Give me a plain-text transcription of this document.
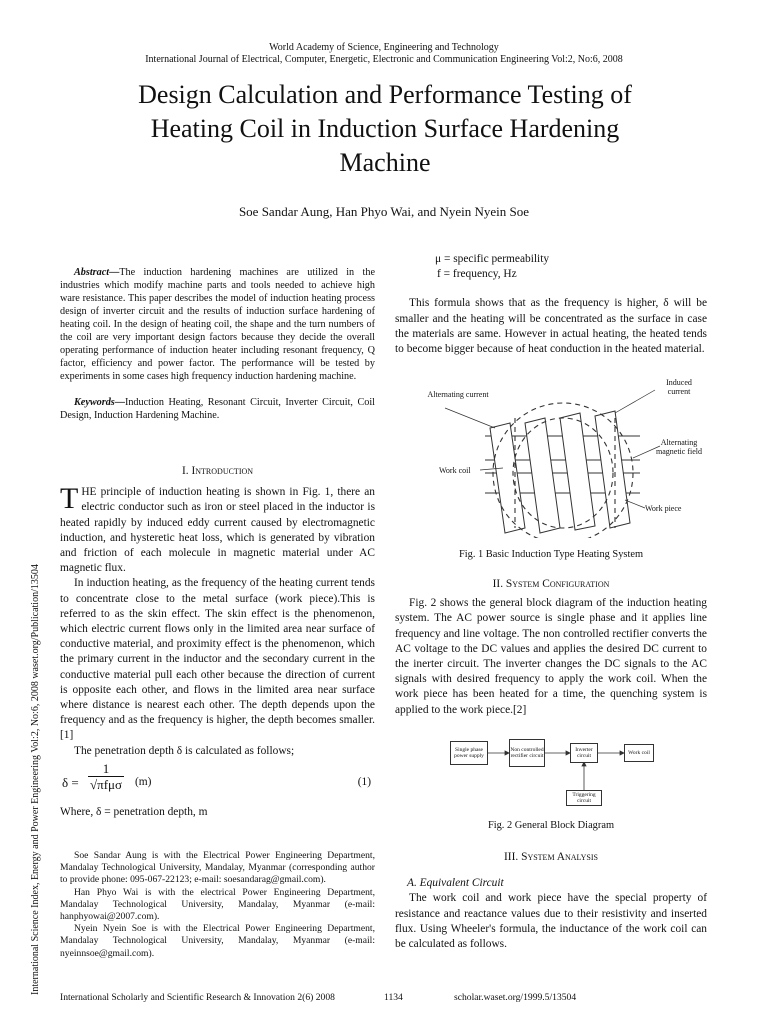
World Academy of Science, Engineering and Technology
International Journal of Electrical, Computer, Energetic, Electronic and Communication Engineering Vol:2, No:6, 2008
Design Calculation and Performance Testing of
Heating Coil in Induction Surface Hardening
Machine
Soe Sandar Aung, Han Phyo Wai, and Nyein Nyein Soe
International Science Index, Energy and Power Engineering Vol:2, No:6, 2008 waset.org/Publication/13504

Abstract—The induction hardening machines are utilized in the industries which modify machine parts and tools needed to achieve high ware resistance. This paper describes the model of induction heating process design of inverter circuit and the results of induction surface hardening of heating coil. In the design of heating coil, the shape and the turn numbers of the coil are very important design factors because they decide the overall operating performance of induction heater including resonant frequency, Q factor, efficiency and power factor. The performance will be tested by experiments in some cases high frequency induction hardening machine.

Keywords—Induction Heating, Resonant Circuit, Inverter Circuit, Coil Design, Induction Hardening Machine.

I. Introduction

THE principle of induction heating is shown in Fig. 1, there an electric conductor such as iron or steel placed in the inductor is heated rapidly by induced eddy current caused by electromagnetic induction, and hysteretic heat loss, which is generated by vibration and friction of each molecule in magnetic material under AC magnetic flux.

In induction heating, as the frequency of the heating current tends to concentrate close to the metal surface (work piece).This is referred to as the skin effect. The skin effect is the phenomenon, which electric current flows only in the limited area near surface of conductive material, and proximity effect is the phenomenon, which the primary current in the inductor and the secondary current in the conductive material pull each other because the direction of current is opposite each other, and flows in the limited area near surface where distance is nearest each other. The depth depends upon the frequency and as the frequency is higher, the depth becomes smaller. [1]

The penetration depth δ is calculated as follows;

δ =
1
√πfμσ (m)	(1)

Where, δ = penetration depth, m

Soe Sandar Aung is with the Electrical Power Engineering Department, Mandalay Technological University, Mandalay, Myanmar (corresponding author to provide phone: 095-067-22123; e-mail: soesandarag@gmail.com).

Han Phyo Wai is with the electrical Power Engineering Department, Mandalay Technological University, Mandalay, Myanmar (e-mail: hanphyowai@2007.com).

Nyein Nyein Soe is with the Electrical Power Engineering Department, Mandalay Technological University, Mandalay, Myanmar (e-mail: nyeinnsoe@gmail.com).

μ = specific permeability

f = frequency, Hz

This formula shows that as the frequency is higher, δ will be smaller and the heating will be concentrated as the surface in case the materials are same. However in actual heating, the heated tends to become bigger because of heat conduction in the heated material.

Alternating current
Induced current
Alternating magnetic field
Work coil
Work piece
Fig. 1 Basic Induction Type Heating System
II. System Configuration

Fig. 2 shows the general block diagram of the induction heating system. The AC power source is single phase and it applies line frequency and line voltage. The non controlled rectifier converts the AC voltage to the DC values and applies the desired DC current to the inerter circuit. The inverter changes the DC signals to the AC signals with desired frequency to apply the work coil. When the work piece has been heated for a time, the quenching system is applied to the work piece.[2]

Single phase power supply
Non controlled rectifier circuit
Inverter circuit
Work coil
Triggering circuit
Fig. 2 General Block Diagram
III. System Analysis

A. Equivalent Circuit

The work coil and work piece have the special property of resistance and reactance values due to their resistivity and inserted flux. Using Wheeler's formula, the inductance of the work coil can be calculated as follows.

International Scholarly and Scientific Research & Innovation 2(6) 2008	1134	scholar.waset.org/1999.5/13504
